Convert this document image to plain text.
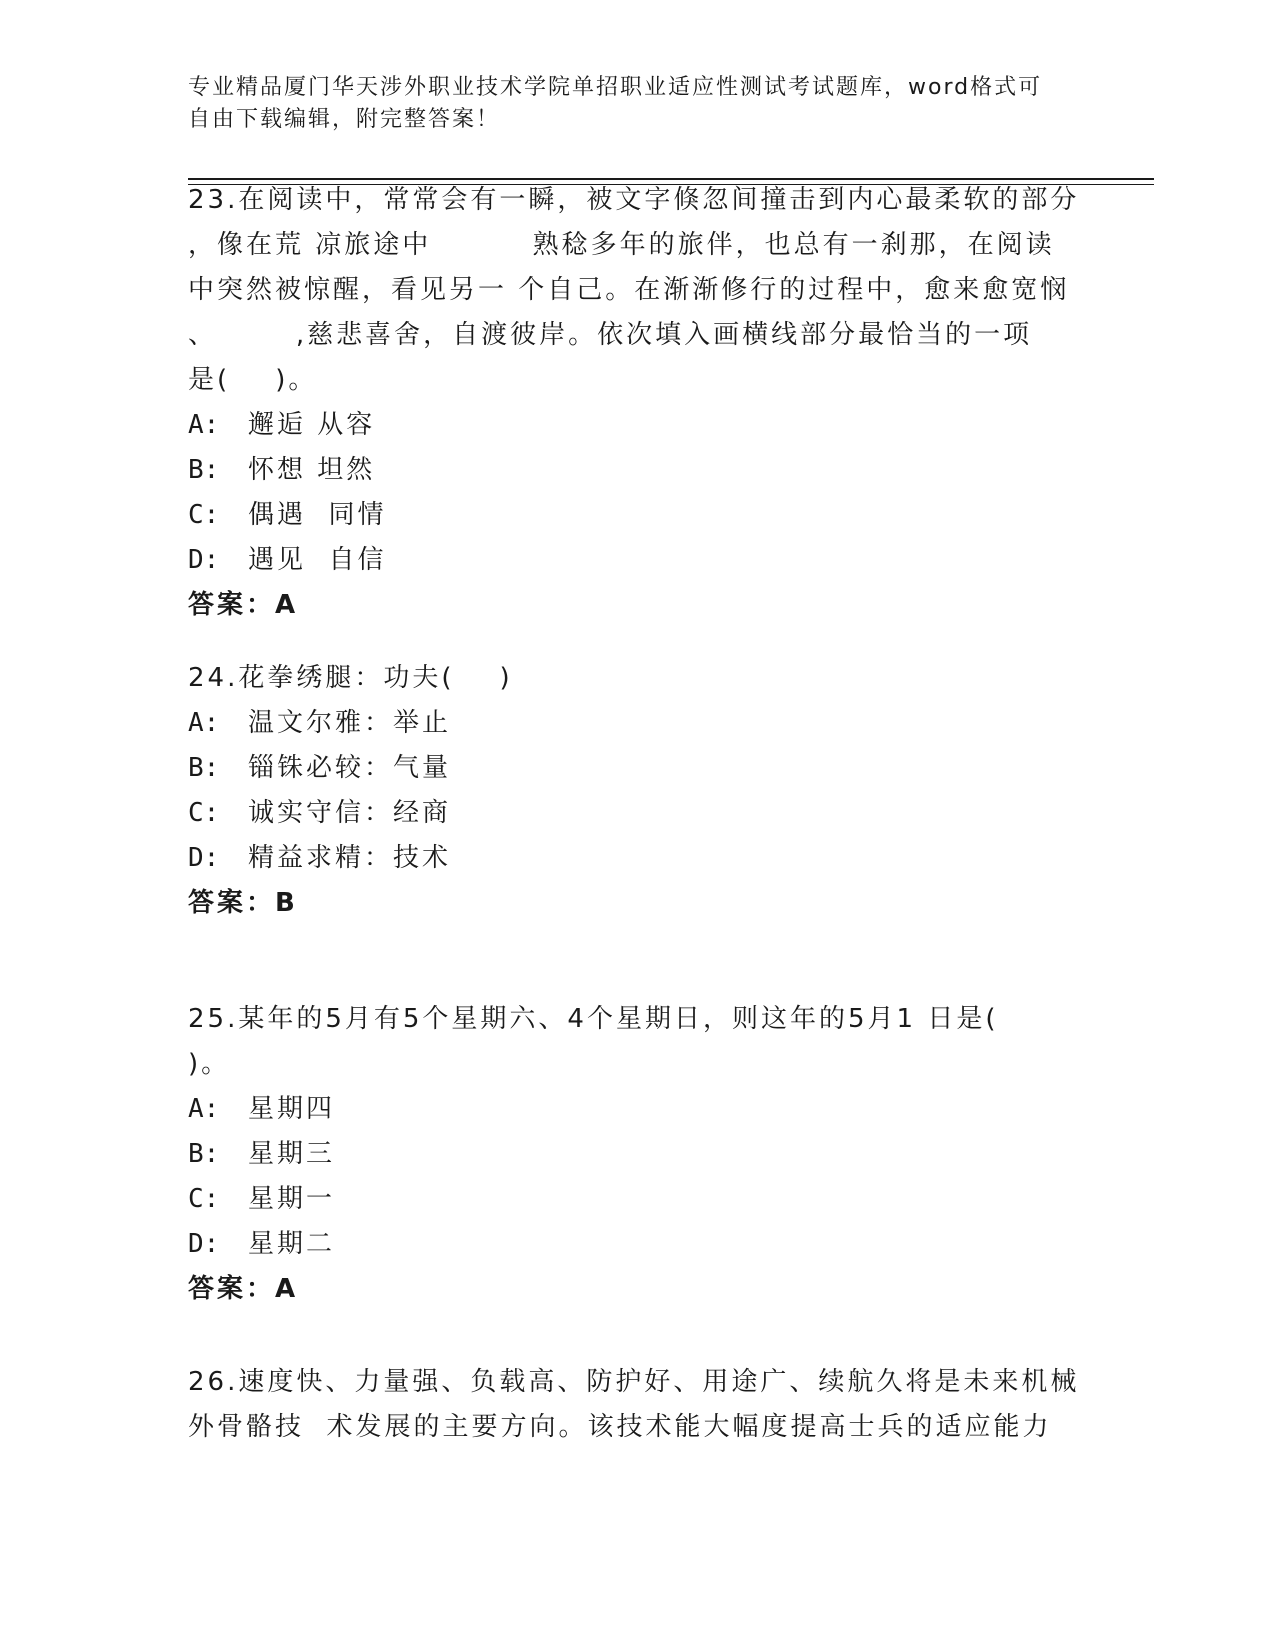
专业精品厦门华天涉外职业技术学院单招职业适应性测试考试题库，word格式可
自由下载编辑，附完整答案！
23.在阅读中，常常会有一瞬，被文字倏忽间撞击到内心最柔软的部分
，像在荒 凉旅途中         熟稔多年的旅伴，也总有一刹那，在阅读
中突然被惊醒，看见另一 个自己。在渐渐修行的过程中，愈来愈宽悯
、       ,慈悲喜舍，自渡彼岸。依次填入画横线部分最恰当的一项
是(    )。
A: 邂逅 从容
B: 怀想 坦然
C: 偶遇  同情
D: 遇见  自信
答案：A
24.花拳绣腿：功夫(    )
A: 温文尔雅：举止
B: 锱铢必较：气量
C: 诚实守信：经商
D: 精益求精：技术
答案：B
25.某年的5月有5个星期六、4个星期日，则这年的5月1 日是(
)。
A: 星期四
B: 星期三
C: 星期一
D: 星期二
答案：A
26.速度快、力量强、负载高、防护好、用途广、续航久将是未来机械
外骨骼技  术发展的主要方向。该技术能大幅度提高士兵的适应能力
